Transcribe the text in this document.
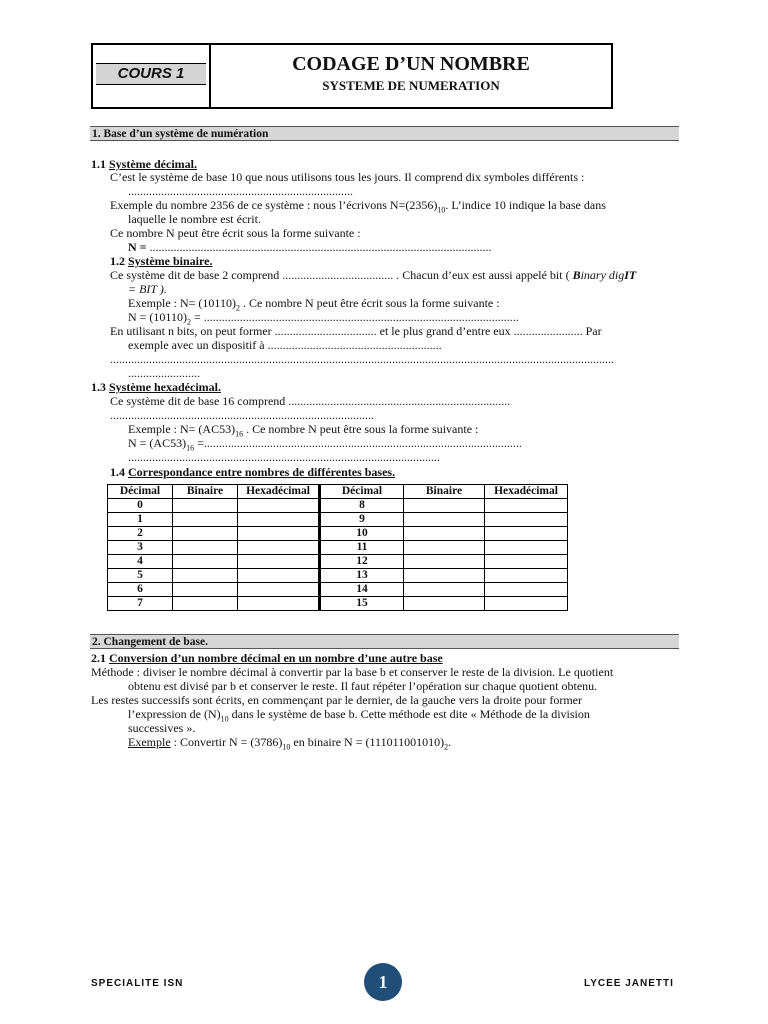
COURS 1	CODAGE D’UN NOMBRE
SYSTEME DE NUMERATION
1. Base d’un système de numération
1.1 Système décimal.
C’est le système de base 10 que nous utilisons tous les jours. Il comprend dix symboles différents :
...........................................................................
Exemple du nombre 2356 de ce système : nous l’écrivons $N=(2356)_{10}$. L’indice 10 indique la base dans
laquelle le nombre est écrit.
Ce nombre N peut être écrit sous la forme suivante :
N = ..................................................................................................................
1.2 Système binaire.
Ce système dit de base 2 comprend ..................................... . Chacun d’eux est aussi appelé bit ( Binary digIT
= BIT ).
Exemple : $N= (10110)_2$ . Ce nombre N peut être écrit sous la forme suivante :
$N = (10110)_2$ = .........................................................................................................
En utilisant n bits, on peut former .................................. et le plus grand d’entre eux ....................... Par
exemple avec un dispositif à ..........................................................
........................................................................................................................................................................
........................
1.3 Système hexadécimal.
Ce système dit de base 16 comprend ..........................................................................
........................................................................................
Exemple : $N= (AC53)_{16}$ . Ce nombre N peut être sous la forme suivante :
$N = (AC53)_{16}$ =..........................................................................................................
........................................................................................................
1.4 Correspondance entre nombres de différentes bases.
Décimal	Binaire	Hexadécimal	Décimal	Binaire	Hexadécimal
0			8		
1			9		
2			10		
3			11		
4			12		
5			13		
6			14		
7			15		
2. Changement de base.
2.1 Conversion d’un nombre décimal en un nombre d’une autre base
Méthode : diviser le nombre décimal à convertir par la base b et conserver le reste de la division. Le quotient
obtenu est divisé par b et conserver le reste. Il faut répéter l’opération sur chaque quotient obtenu.
Les restes successifs sont écrits, en commençant par le dernier, de la gauche vers la droite pour former
l’expression de $(N)_{10}$ dans le système de base b. Cette méthode est dite « Méthode de la division
successives ».
Exemple : Convertir $N = (3786)_{10}$ en binaire $N = (111011001010)_2$.
SPECIALITE ISN	1	LYCEE JANETTI
